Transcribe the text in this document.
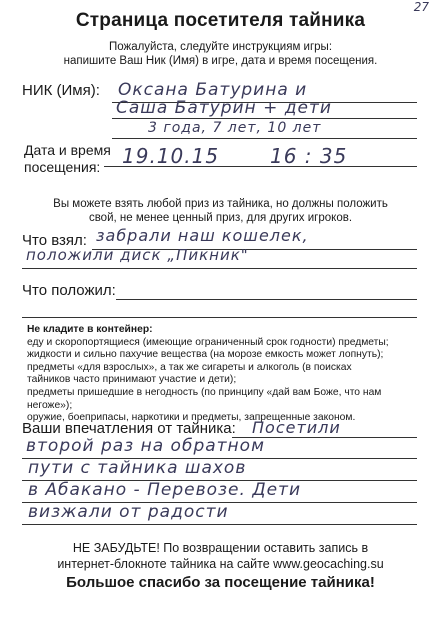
27
Страница посетителя тайника
Пожалуйста, следуйте инструкциям игры:
напишите Ваш Ник (Имя) в игре, дата и время посещения.
НИК (Имя): Оксана Батурина и
Саша Батурин + дети
3 года, 7 лет, 10 лет
Дата и время
посещения:	19.10.15	16 : 35
Вы можете взять любой приз из тайника, но должны положить
свой, не менее ценный приз, для других игроков.
Что взял: забрали наш кошелек,
положили диск „Пикник"
Что положил:
Не кладите в контейнер:
еду и скоропортящиеся (имеющие ограниченный срок годности) предметы;
жидкости и сильно пахучие вещества (на морозе емкость может лопнуть);
предметы «для взрослых», а так же сигареты и алкоголь (в поисках
тайников часто принимают участие и дети);
предметы пришедшие в негодность (по принципу «дай вам Боже, что нам негоже»);
оружие, боеприпасы, наркотики и предметы, запрещенные законом.
Ваши впечатления от тайника: Посетили
второй раз на обратном
пути с тайника шахов
в Абакано - Перевозе. Дети
визжали от радости
НЕ ЗАБУДЬТЕ! По возвращении оставить запись в
интернет-блокноте тайника на сайте www.geocaching.su
Большое спасибо за посещение тайника!
